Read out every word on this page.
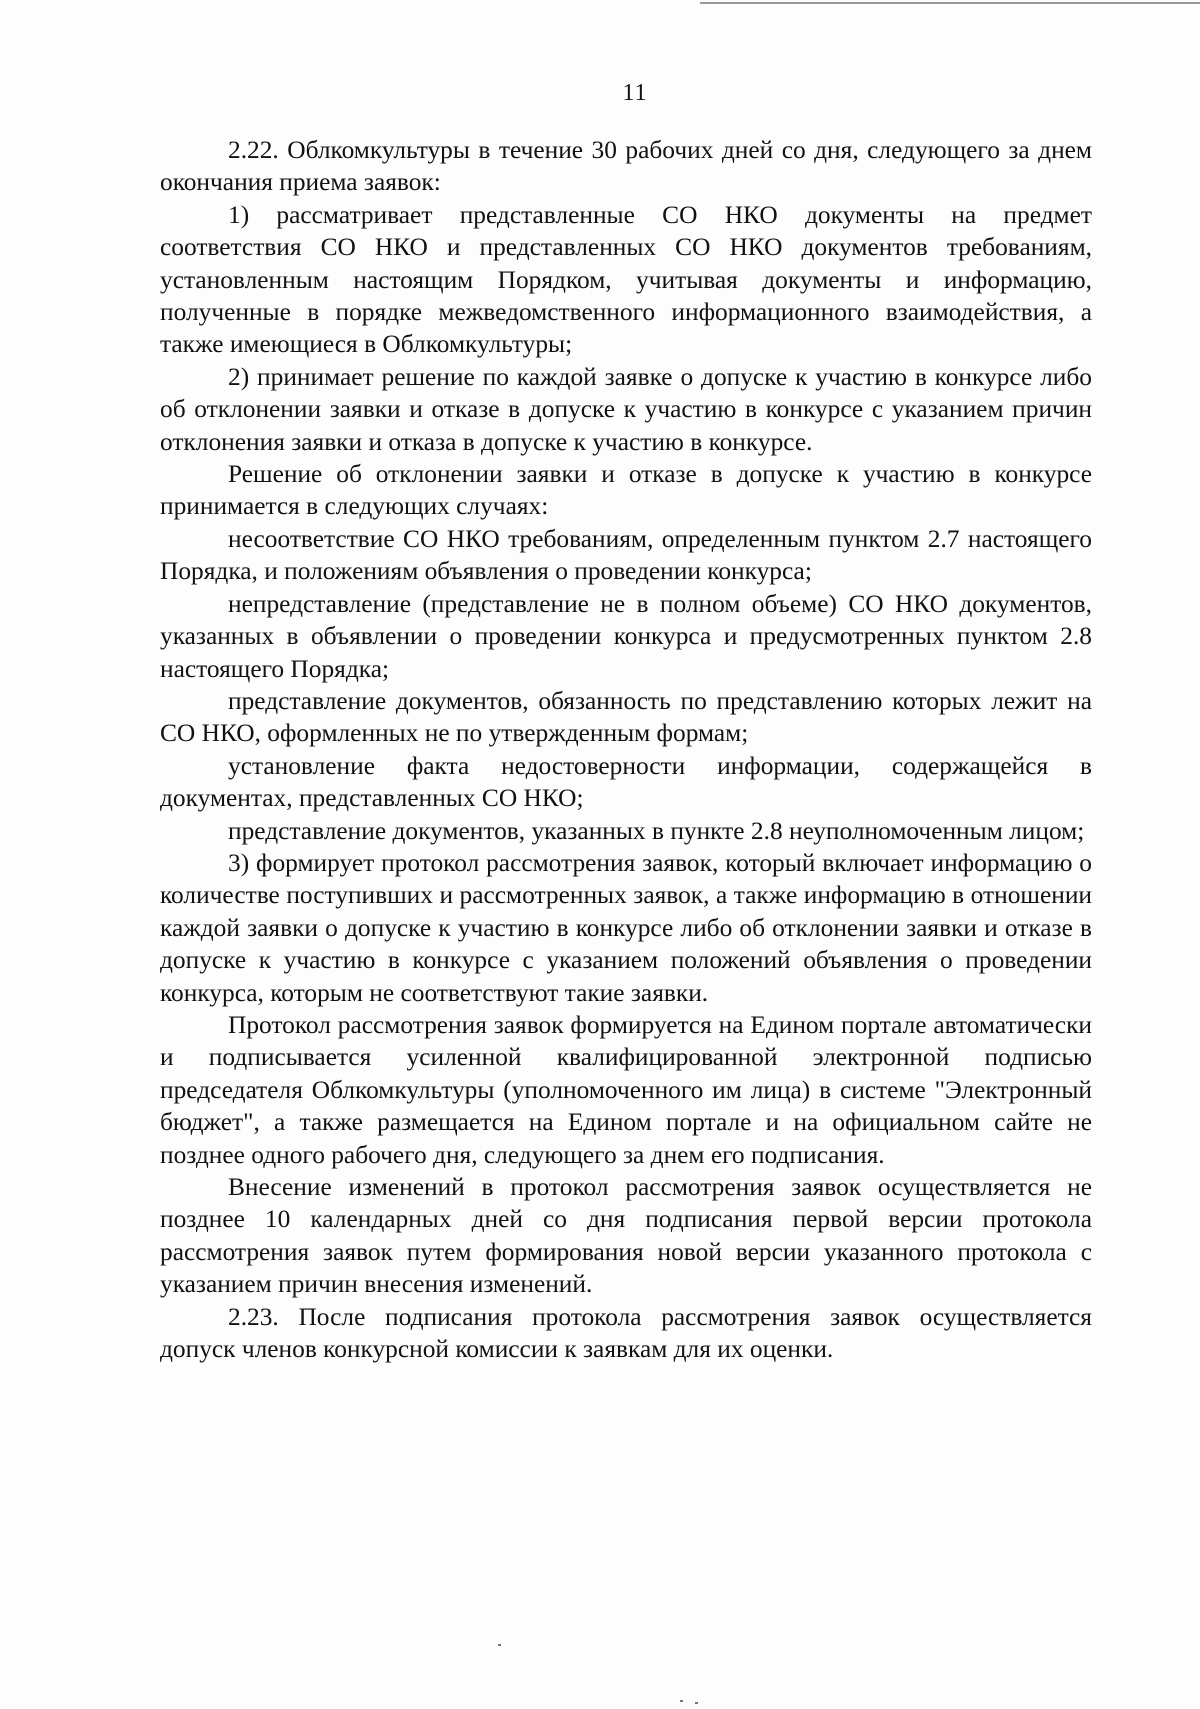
11

2.22. Облкомкультуры в течение 30 рабочих дней со дня, следующего за днем окончания приема заявок:

1) рассматривает представленные СО НКО документы на предмет соответствия СО НКО и представленных СО НКО документов требованиям, установленным настоящим Порядком, учитывая документы и информацию, полученные в порядке межведомственного информационного взаимодействия, а также имеющиеся в Облкомкультуры;

2) принимает решение по каждой заявке о допуске к участию в конкурсе либо об отклонении заявки и отказе в допуске к участию в конкурсе с указанием причин отклонения заявки и отказа в допуске к участию в конкурсе.

Решение об отклонении заявки и отказе в допуске к участию в конкурсе принимается в следующих случаях:

несоответствие СО НКО требованиям, определенным пунктом 2.7 настоящего Порядка, и положениям объявления о проведении конкурса;

непредставление (представление не в полном объеме) СО НКО документов, указанных в объявлении о проведении конкурса и предусмотренных пунктом 2.8 настоящего Порядка;

представление документов, обязанность по представлению которых лежит на СО НКО, оформленных не по утвержденным формам;

установление факта недостоверности информации, содержащейся в документах, представленных СО НКО;

представление документов, указанных в пункте 2.8 неуполномоченным лицом;

3) формирует протокол рассмотрения заявок, который включает информацию о количестве поступивших и рассмотренных заявок, а также информацию в отношении каждой заявки о допуске к участию в конкурсе либо об отклонении заявки и отказе в допуске к участию в конкурсе с указанием положений объявления о проведении конкурса, которым не соответствуют такие заявки.

Протокол рассмотрения заявок формируется на Едином портале автоматически и подписывается усиленной квалифицированной электронной подписью председателя Облкомкультуры (уполномоченного им лица) в системе "Электронный бюджет", а также размещается на Едином портале и на официальном сайте не позднее одного рабочего дня, следующего за днем его подписания.

Внесение изменений в протокол рассмотрения заявок осуществляется не позднее 10 календарных дней со дня подписания первой версии протокола рассмотрения заявок путем формирования новой версии указанного протокола с указанием причин внесения изменений.

2.23. После подписания протокола рассмотрения заявок осуществляется допуск членов конкурсной комиссии к заявкам для их оценки.
